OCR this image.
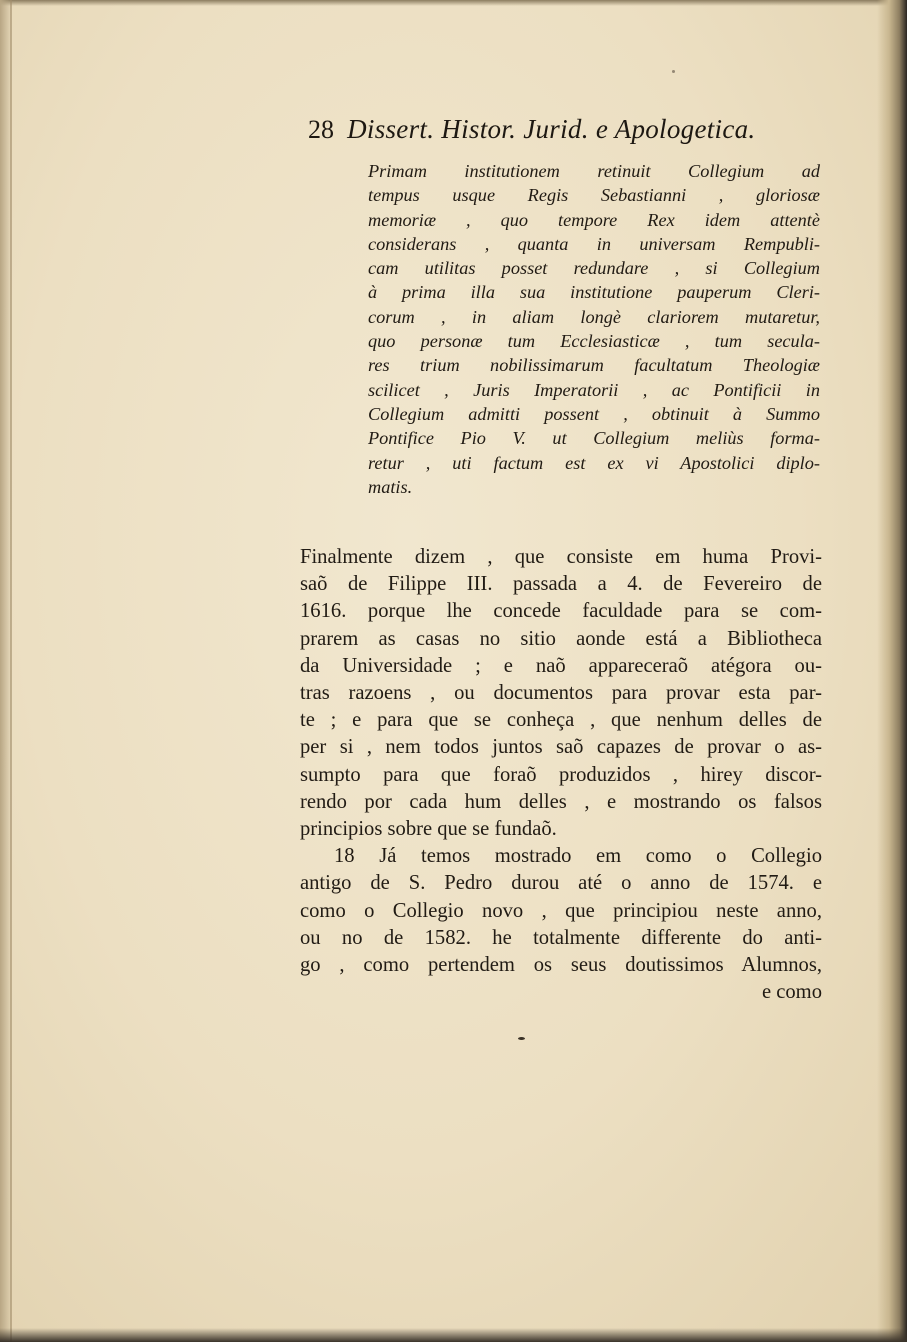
28 Dissert. Histor. Jurid. e Apologetica.
Primam institutionem retinuit Collegium ad
tempus usque Regis Sebastianni , gloriosæ
memoriæ , quo tempore Rex idem attentè
considerans , quanta in universam Rempubli-
cam utilitas posset redundare , si Collegium
à prima illa sua institutione pauperum Cleri-
corum , in aliam longè clariorem mutaretur,
quo personæ tum Ecclesiasticæ , tum secula-
res trium nobilissimarum facultatum Theologiæ
scilicet , Juris Imperatorii , ac Pontificii in
Collegium admitti possent , obtinuit à Summo
Pontifice Pio V. ut Collegium meliùs forma-
retur , uti factum est ex vi Apostolici diplo-
matis.
Finalmente dizem , que consiste em huma Provi-
saõ de Filippe III. passada a 4. de Fevereiro de
1616. porque lhe concede faculdade para se com-
prarem as casas no sitio aonde está a Bibliotheca
da Universidade ; e naõ appareceraõ atégora ou-
tras razoens , ou documentos para provar esta par-
te ; e para que se conheça , que nenhum delles de
per si , nem todos juntos saõ capazes de provar o as-
sumpto para que foraõ produzidos , hirey discor-
rendo por cada hum delles , e mostrando os falsos
principios sobre que se fundaõ.
18 Já temos mostrado em como o Collegio
antigo de S. Pedro durou até o anno de 1574. e
como o Collegio novo , que principiou neste anno,
ou no de 1582. he totalmente differente do anti-
go , como pertendem os seus doutissimos Alumnos,
e como
